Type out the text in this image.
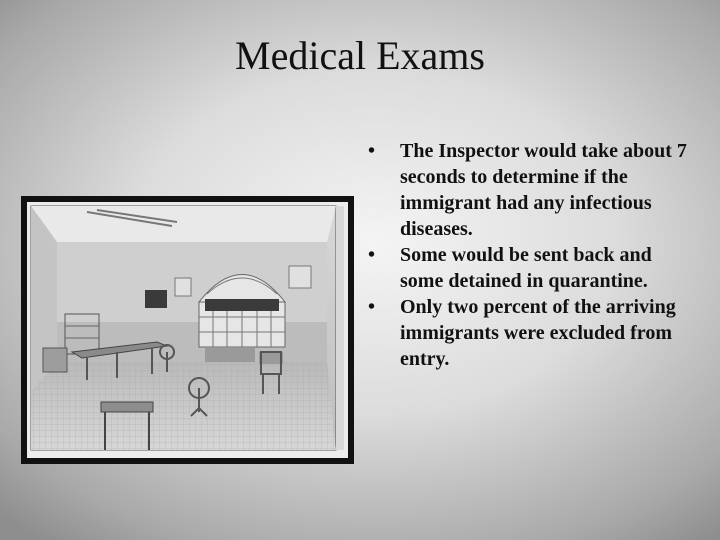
Medical Exams
•	The Inspector would take about 7 seconds to determine if the immigrant had any infectious diseases.
•	Some would be sent back and some detained in quarantine.
•	Only two percent of the arriving immigrants were excluded from entry.
